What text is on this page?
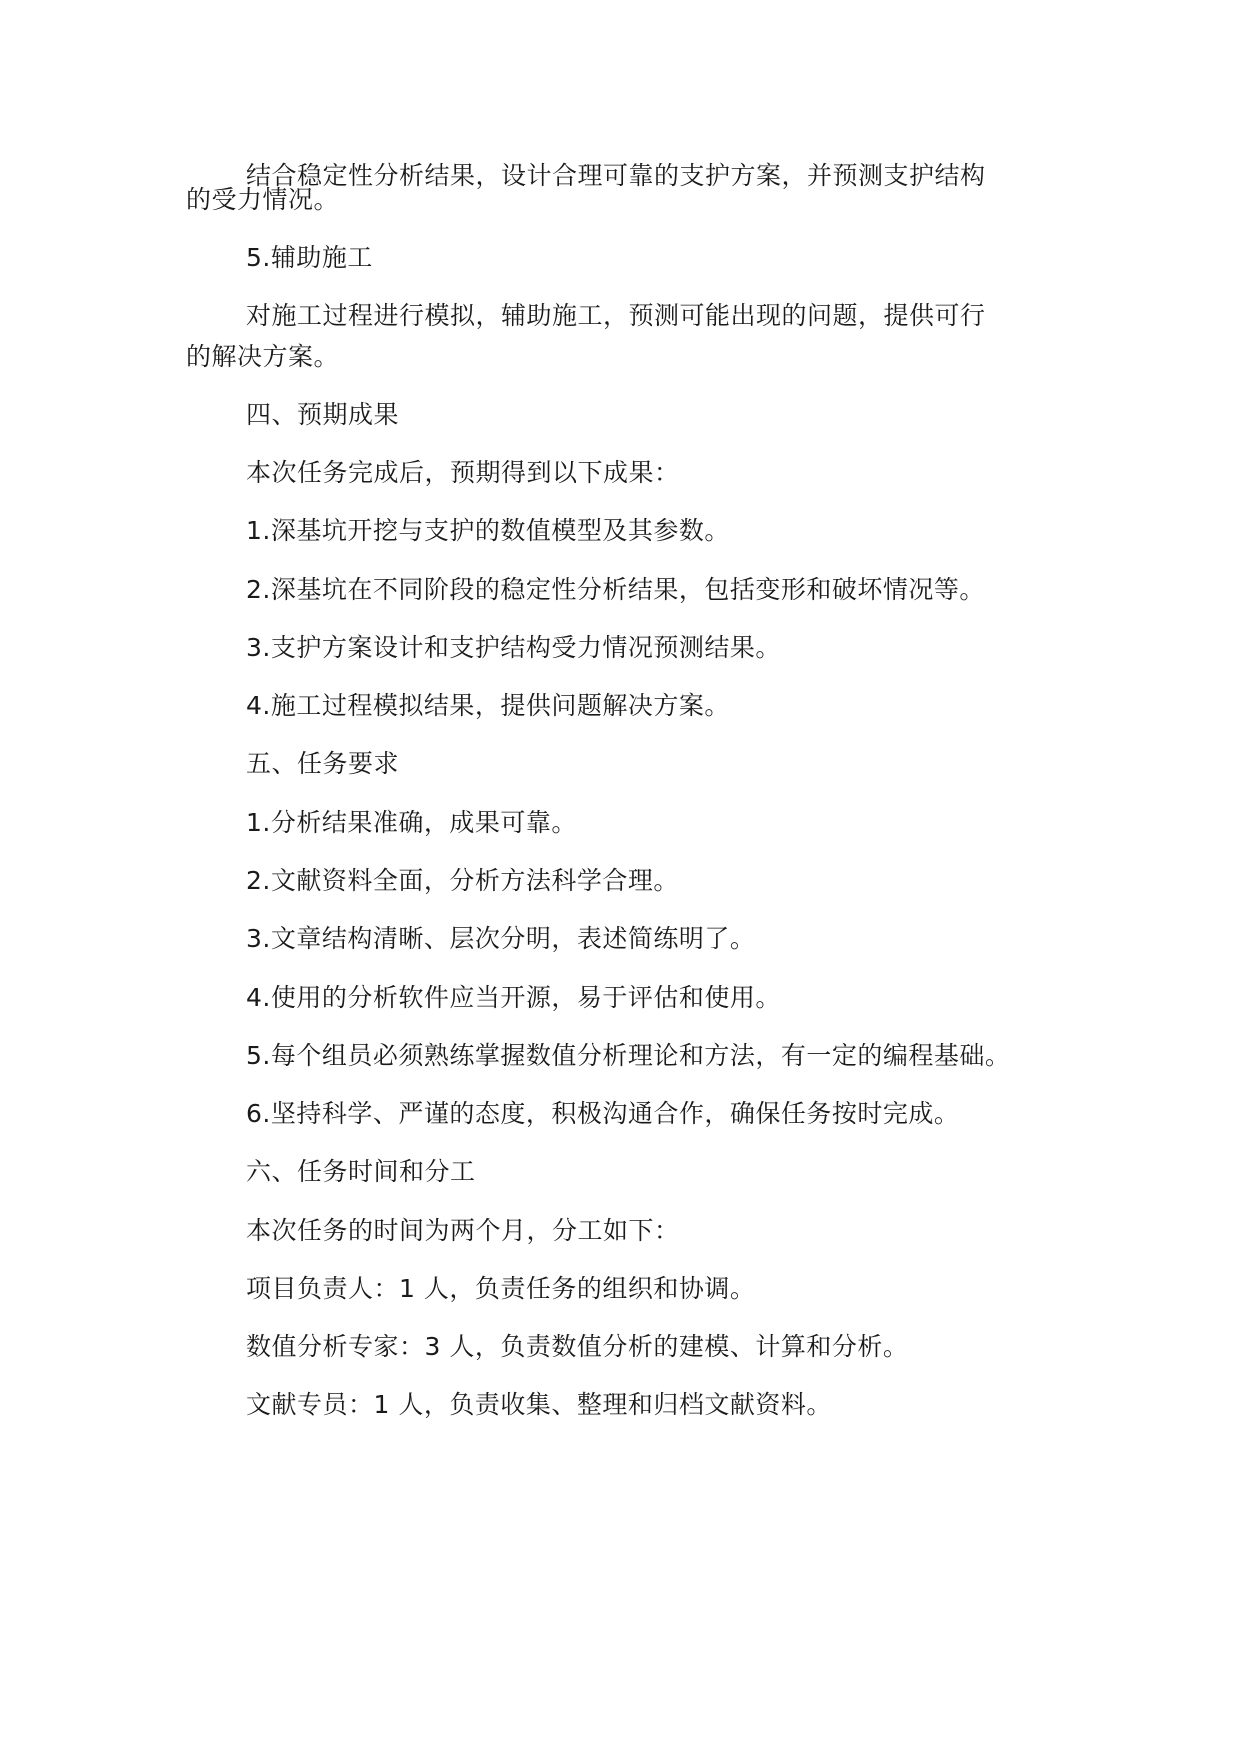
结合稳定性分析结果，设计合理可靠的支护方案，并预测支护结构
的受力情况。
5.辅助施工
对施工过程进行模拟，辅助施工，预测可能出现的问题，提供可行
的解决方案。
四、预期成果
本次任务完成后，预期得到以下成果：
1.深基坑开挖与支护的数值模型及其参数。
2.深基坑在不同阶段的稳定性分析结果，包括变形和破坏情况等。
3.支护方案设计和支护结构受力情况预测结果。
4.施工过程模拟结果，提供问题解决方案。
五、任务要求
1.分析结果准确，成果可靠。
2.文献资料全面，分析方法科学合理。
3.文章结构清晰、层次分明，表述简练明了。
4.使用的分析软件应当开源，易于评估和使用。
5.每个组员必须熟练掌握数值分析理论和方法，有一定的编程基础。
6.坚持科学、严谨的态度，积极沟通合作，确保任务按时完成。
六、任务时间和分工
本次任务的时间为两个月，分工如下：
项目负责人：1 人，负责任务的组织和协调。
数值分析专家：3 人，负责数值分析的建模、计算和分析。
文献专员：1 人，负责收集、整理和归档文献资料。
